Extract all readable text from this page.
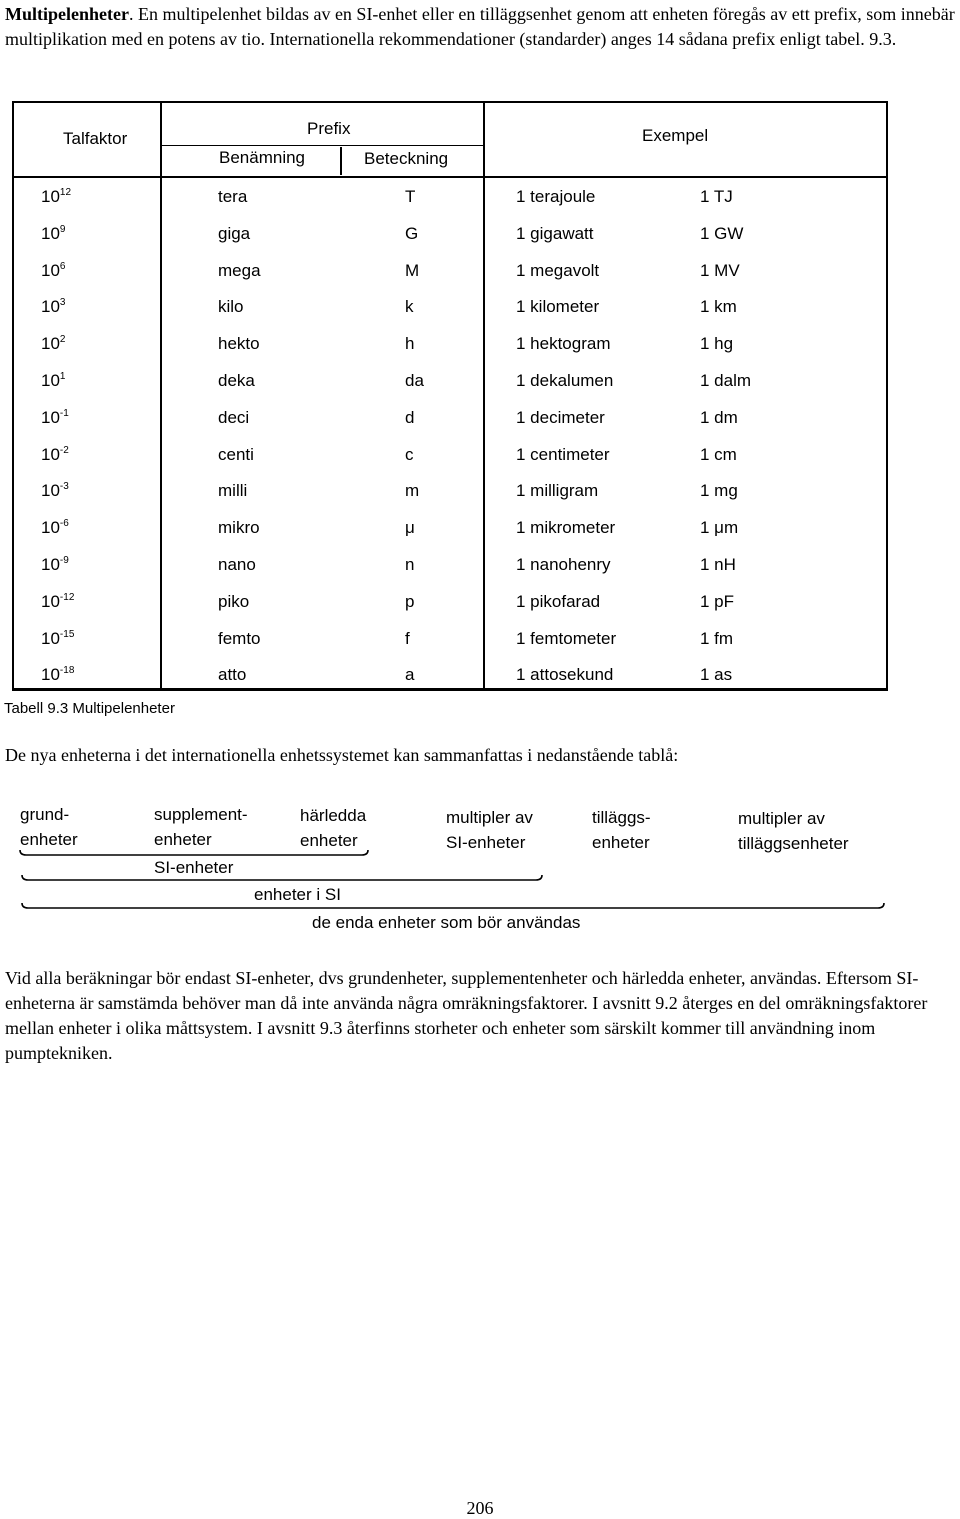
Multipelenheter. En multipelenhet bildas av en SI-enhet eller en tilläggsenhet genom att enheten föregås av ett prefix, som innebär multiplikation med en potens av tio. Internationella rekommendationer (standarder) anges 14 sådana prefix enligt tabel. 9.3.

Talfaktor
Prefix
Benämning	Beteckning
Exempel
$10^{12}$	tera	T	1 terajoule	1 TJ
$10^9$	giga	G	1 gigawatt	1 GW
$10^6$	mega	M	1 megavolt	1 MV
$10^3$	kilo	k	1 kilometer	1 km
$10^2$	hekto	h	1 hektogram	1 hg
$10^1$	deka	da	1 dekalumen	1 dalm
$10^{-1}$	deci	d	1 decimeter	1 dm
$10^{-2}$	centi	c	1 centimeter	1 cm
$10^{-3}$	milli	m	1 milligram	1 mg
$10^{-6}$	mikro	μ	1 mikrometer	1 μm
$10^{-9}$	nano	n	1 nanohenry	1 nH
$10^{-12}$	piko	p	1 pikofarad	1 pF
$10^{-15}$	femto	f	1 femtometer	1 fm
$10^{-18}$	atto	a	1 attosekund	1 as
Tabell 9.3 Multipelenheter

De nya enheterna i det internationella enhetssystemet kan sammanfattas i nedanstående tablå:

grund-
enheter
supplement-
enheter
härledda
enheter
multipler av
SI-enheter
tilläggs-
enheter
multipler av
tilläggsenheter
SI-enheter
enheter i SI
de enda enheter som bör användas

Vid alla beräkningar bör endast SI-enheter, dvs grundenheter, supplementenheter och härledda enheter, användas. Eftersom SI-enheterna är samstämda behöver man då inte använda några omräkningsfaktorer. I avsnitt 9.2 återges en del omräkningsfaktorer mellan enheter i olika måttsystem. I avsnitt 9.3 återfinns storheter och enheter som särskilt kommer till användning inom pumptekniken.

206
